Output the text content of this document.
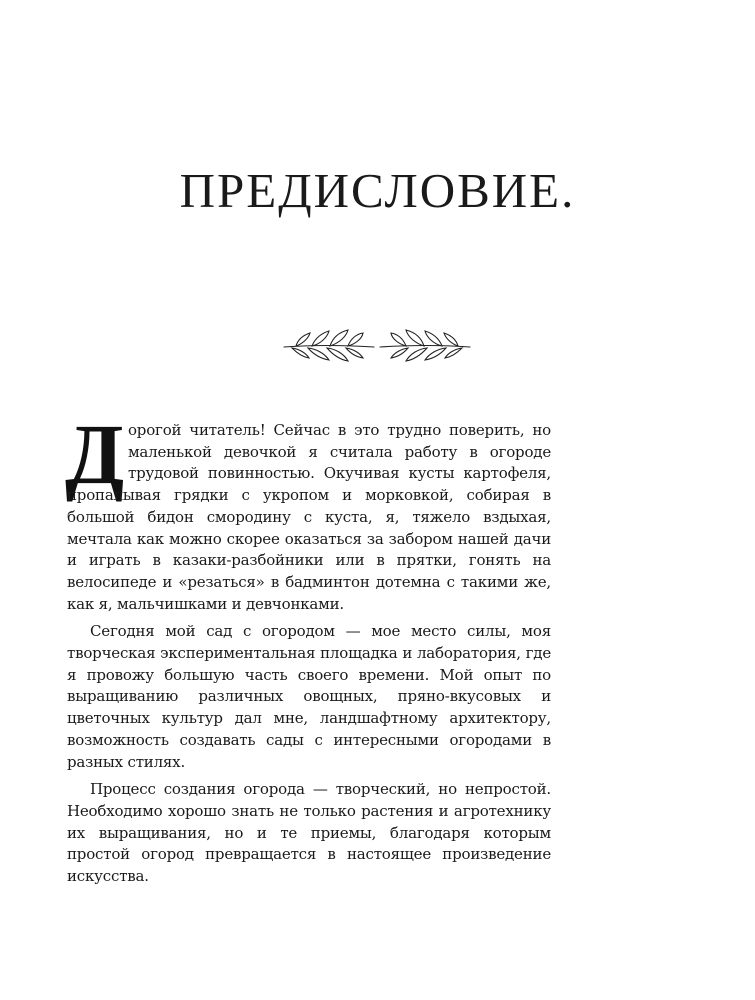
ПРЕДИСЛОВИЕ.

Дорогой читатель! Сейчас в это трудно поверить, но маленькой девочкой я считала работу в огороде трудовой повинностью. Окучивая кусты картофеля, пропалывая грядки с укропом и морковкой, собирая в большой бидон смородину с куста, я, тяжело вздыхая, мечтала как можно скорее оказаться за забором нашей дачи и играть в казаки-разбойники или в прятки, гонять на велосипеде и «резаться» в бадминтон дотемна с такими же, как я, мальчишками и девчонками.

Сегодня мой сад с огородом — мое место силы, моя творческая экспериментальная площадка и лаборатория, где я провожу большую часть своего времени. Мой опыт по выращиванию различных овощных, пряно-вкусовых и цветочных культур дал мне, ландшафтному архитектору, возможность создавать сады с интересными огородами в разных стилях.

Процесс создания огорода — творческий, но непростой. Необходимо хорошо знать не только растения и агротехнику их выращивания, но и те приемы, благодаря которым простой огород превращается в настоящее произведение искусства.
